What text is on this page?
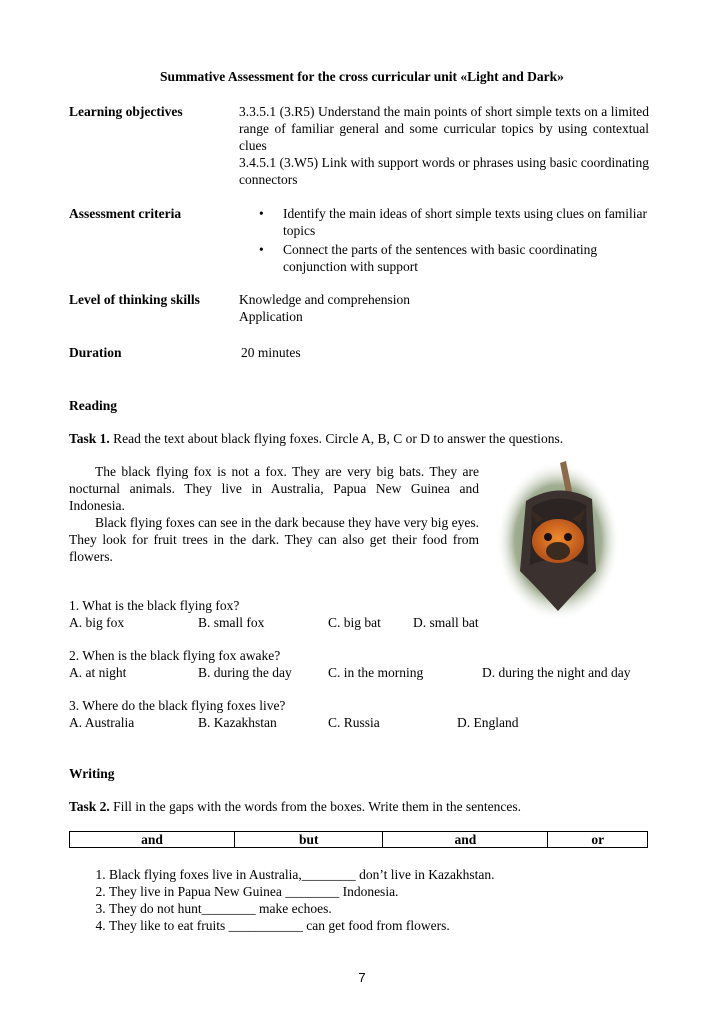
Summative Assessment for the cross curricular unit «Light and Dark»
Learning objectives	3.3.5.1 (3.R5) Understand the main points of short simple texts on a limited range of familiar general and some curricular topics by using contextual clues
3.4.5.1 (3.W5) Link with support words or phrases using basic coordinating connectors
Assessment criteria	• Identify the main ideas of short simple texts using clues on familiar topics
• Connect the parts of the sentences with basic coordinating conjunction with support
Level of thinking skills	Knowledge and comprehension
Application
Duration	20 minutes
Reading
Task 1. Read the text about black flying foxes. Circle A, B, C or D to answer the questions.
The black flying fox is not a fox. They are very big bats. They are nocturnal animals. They live in Australia, Papua New Guinea and Indonesia.
Black flying foxes can see in the dark because they have very big eyes. They look for fruit trees in the dark. They can also get their food from flowers.
1. What is the black flying fox?
A. big fox	B. small fox	C. big bat D. small bat
2. When is the black flying fox awake?
A. at night	B. during the day	C. in the morning	D. during the night and day
3. Where do the black flying foxes live?
A. Australia	B. Kazakhstan	C. Russia	D. England
Writing
Task 2. Fill in the gaps with the words from the boxes. Write them in the sentences.
and	but	and	or
1. Black flying foxes live in Australia,________ don’t live in Kazakhstan.
2. They live in Papua New Guinea ________ Indonesia.
3. They do not hunt________ make echoes.
4. They like to eat fruits ___________ can get food from flowers.
7
